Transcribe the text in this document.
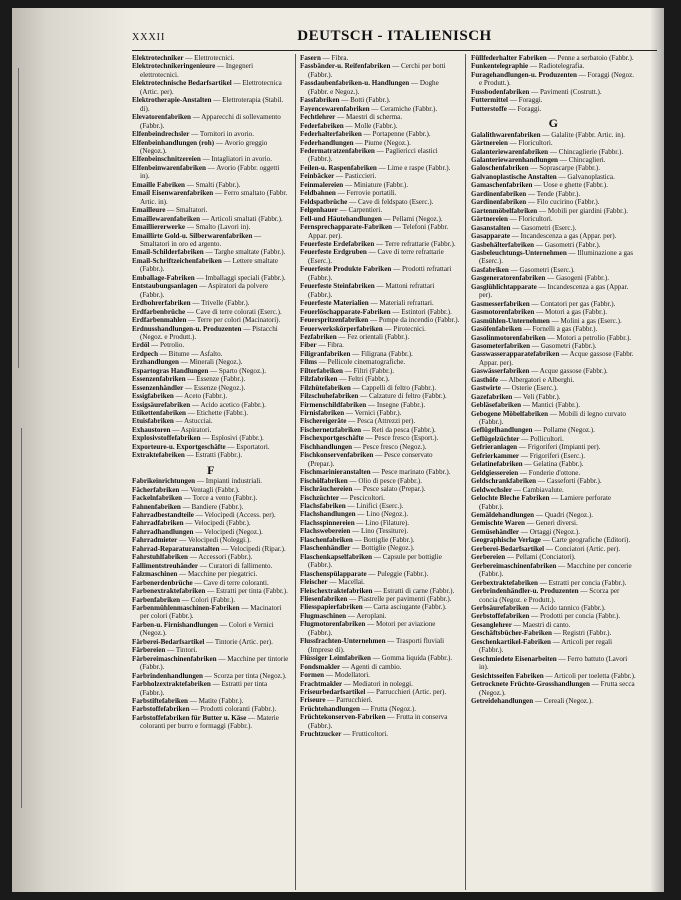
XXXII	DEUTSCH - ITALIENISCH

Elektrotechniker — Elettrotecnici.

Elektrotechnikeringenieure — Ingegneri elettrotecnici.

Elektrotechnische Bedarfsartikel — Elettrotecnica (Artic. per).

Elektrotherapie-Anstalten — Elettroterapia (Stabil. di).

Elevatorenfabriken — Apparecchi di sollevamento (Fabbr.).

Elfenbeindrechsler — Tornitori in avorio.

Elfenbeinhandlungen (roh) — Avorio greggio (Negoz.).

Elfenbeinschnitzereien — Intagliatori in avorio.

Elfenbeinwarenfabriken — Avorio (Fabbr. oggetti in).

Emaille Fabriken — Smalti (Fabbr.).

Email Eisenwarenfabriken — Ferro smaltato (Fabbr. Artic. in).

Emailleure — Smaltatori.

Emaillewarenfabriken — Articoli smaltati (Fabbr.).

Emailliererwerke — Smalto (Lavori in).

Emaillirte Gold-u. Silberwarenfabriken — Smaltatori in oro ed argento.

Email-Schilderfabriken — Targhe smaltate (Fabbr.).

Email-Schriftzeichenfabriken — Lettere smaltate (Fabbr.).

Emballage-Fabriken — Imballaggi speciali (Fabbr.).

Entstaubungsanlagen — Aspiratori da polvere (Fabbr.).

Erdbohrerfabriken — Trivelle (Fabbr.).

Erdfarbenbrüche — Cave di terre colorati (Eserc.).

Erdfarbenmahlen — Terre per colori (Macinatori).

Erdnusshandlungen-u. Produzenten — Pistacchi (Negoz. e Produtt.).

Erdöl — Petrolio.

Erdpech — Bitume — Asfalto.

Erzhandlungen — Minerali (Negoz.).

Espartogras Handlungen — Sparto (Negoz.).

Essenzenfabriken — Essenze (Fabbr.).

Essenzenhändler — Essenze (Negoz.).

Essigfabriken — Aceto (Fabbr.).

Essigsäurefabriken — Acido acetico (Fabbr.).

Etikettenfabriken — Etichette (Fabbr.).

Etuisfabriken — Astucciai.

Exhaustoren — Aspiratori.

Explosivstoffefabriken — Esplosivi (Fabbr.).

Exporteure-u. Exportgeschäfte — Esportatori.

Extraktefabriken — Estratti (Fabbr.).

F

Fabrikeinrichtungen — Impianti industriali.

Fächerfabriken — Ventagli (Fabbr.).

Fackelnfabriken — Torce a vento (Fabbr.).

Fahnenfabriken — Bandiere (Fabbr.).

Fahrradbestandteile — Velocipedi (Access. per).

Fahrradfabriken — Velocipedi (Fabbr.).

Fahrradhandlungen — Velocipedi (Negoz.).

Fahrradmieter — Velocipedi (Noleggi.).

Fahrrad-Reparaturanstalten — Velocipedi (Ripar.).

Fahrstuhlfabriken — Accessori (Fabbr.).

Fallimentstreuhänder — Curatori di fallimento.

Falzmaschinen — Macchine per piegatrici.

Farbenerdenbrüche — Cave di terre coloranti.

Farbenextraktefabriken — Estratti per tinta (Fabbr.).

Farbenfabriken — Colori (Fabbr.).

Farbenmühlenmaschinen-Fabriken — Macinatori per colori (Fabbr.).

Farben-u. Firnishandlungen — Colori e Vernici (Negoz.).

Färberei-Bedarfsartikel — Tintorie (Artic. per).

Färbereien — Tintori.

Färbereimaschinenfabriken — Macchine per tintorie (Fabbr.).

Farbrindenhandlungen — Scorza per tinta (Negoz.).

Farbholzextraktefabriken — Estratti per tinta (Fabbr.).

Farbstiftefabriken — Matite (Fabbr.).

Farbstoffefabriken — Prodotti coloranti (Fabbr.).

Farbstoffefabriken für Butter u. Käse — Materie coloranti per burro e formaggi (Fabbr.).

Fasern — Fibra.

Fassbänder-u. Reifenfabriken — Cerchi per botti (Fabbr.).

Fassdaubenfabriken-u. Handlungen — Doghe (Fabbr. e Negoz.).

Fassfabriken — Botti (Fabbr.).

Fayencewarenfabriken — Ceramiche (Fabbr.).

Fechtlehrer — Maestri di scherma.

Federfabriken — Molle (Fabbr.).

Federhalterfabriken — Portapenne (Fabbr.).

Federhandlungen — Piume (Negoz.).

Federmatratzenfabriken — Pagliericci elastici (Fabbr.).

Feilen-u. Raspenfabriken — Lime e raspe (Fabbr.).

Feinbäcker — Pasticcieri.

Feinmalereien — Miniature (Fabbr.).

Feldbahnen — Ferrovie portatili.

Feldspatbrüche — Cave di feldspato (Eserc.).

Felgenhauer — Carpentieri.

Fell-und Häutehandlungen — Pellami (Negoz.).

Fernsprechapparate-Fabriken — Telefoni (Fabbr. Appar. per).

Feuerfeste Erdefabriken — Terre refrattarie (Fabbr.).

Feuerfeste Erdgruben — Cave di terre refrattarie (Eserc.).

Feuerfeste Produkte Fabriken — Prodotti refrattari (Fabbr.).

Feuerfeste Steinfabriken — Mattoni refrattari (Fabbr.).

Feuerfeste Materialien — Materiali refrattari.

Feuerlöschapparate-Fabriken — Estintori (Fabbr.).

Feuerspritzenfabriken — Pompe da incendio (Fabbr.).

Feuerwerkskörperfabriken — Pirotecnici.

Fezfabriken — Fez orientali (Fabbr.).

Fiber — Fibra.

Filigranfabriken — Filigrana (Fabbr.).

Films — Pellicole cinematografiche.

Filterfabriken — Filtri (Fabbr.).

Filzfabriken — Feltri (Fabbr.).

Filzhütefabriken — Cappelli di feltro (Fabbr.).

Filzschuhefabriken — Calzature di feltro (Fabbr.).

Firmenschildfabriken — Insegne (Fabbr.).

Firnisfabriken — Vernici (Fabbr.).

Fischereigeräte — Pesca (Attrezzi per).

Fischernetzfabriken — Reti da pesca (Fabbr.).

Fischexportgeschäfte — Pesce fresco (Esport.).

Fischhandlungen — Pesce fresco (Negoz.).

Fischkonservenfabriken — Pesce conservato (Prepar.).

Fischmarinieranstalten — Pesce marinato (Fabbr.).

Fischölfabriken — Olio di pesce (Fabbr.).

Fischräuchereien — Pesce salato (Prepar.).

Fischzüchter — Pescicoltori.

Flachsfabriken — Linifici (Eserc.).

Flachshandlungen — Lino (Negoz.).

Flachsspinnereien — Lino (Filature).

Flachswebereien — Lino (Tessiture).

Flaschenfabriken — Bottiglie (Fabbr.).

Flaschenhändler — Bottiglie (Negoz.).

Flaschenkapselfabriken — Capsule per bottiglie (Fabbr.).

Flaschenspülapparate — Puleggie (Fabbr.).

Fleischer — Macellai.

Fleischextraktefabriken — Estratti di carne (Fabbr.).

Fliesenfabriken — Piastrelle per pavimenti (Fabbr.).

Fliesspapierfabriken — Carta asciugante (Fabbr.).

Flugmaschinen — Aeroplani.

Flugmotorenfabriken — Motori per aviazione (Fabbr.).

Flussfrachten-Unternehmen — Trasporti fluviali (Imprese di).

Flüssiger Leimfabriken — Gomma liquida (Fabbr.).

Fondsmakler — Agenti di cambio.

Formen — Modellatori.

Frachtmakler — Mediatori in noleggi.

Friseurbedarfsartikel — Parrucchieri (Artic. per).

Friseure — Parrucchieri.

Früchtehandlungen — Frutta (Negoz.).

Früchtekonserven-Fabriken — Frutta in conserva (Fabbr.).

Fruchtzucker — Frutticoltori.

Füllfederhalter Fabriken — Penne a serbatoio (Fabbr.).

Funkentelegraphie — Radiotelegrafia.

Furagehandlungen-u. Produzenten — Foraggi (Negoz. e Produtt.).

Fussbodenfabriken — Pavimenti (Costrutt.).

Futtermittel — Foraggi.

Futterstoffe — Foraggi.

G

Galalithwarenfabriken — Galalite (Fabbr. Artic. in).

Gärtnereien — Floricultori.

Galanteriewarenfabriken — Chincaglierie (Fabbr.).

Galanteriewarenhandlungen — Chincaglieri.

Galoschenfabriken — Soprascarpe (Fabbr.).

Galvanoplastische Anstalten — Galvanoplastica.

Gamaschenfabriken — Uose e ghette (Fabbr.).

Gardinenfabriken — Tende (Fabbr.).

Gardinenfabriken — Filo cucirino (Fabbr.).

Gartenmöbelfabriken — Mobili per giardini (Fabbr.).

Gärtnereien — Floricultori.

Gasanstalten — Gasometri (Eserc.).

Gasapparate — Incandescenza a gas (Appar. per).

Gasbehälterfabriken — Gasometri (Fabbr.).

Gasbeleuchtungs-Unternehmen — Illuminazione a gas (Eserc.).

Gasfabriken — Gasometri (Eserc.).

Gasgeneratorenfabriken — Gasogeni (Fabbr.).

Gasglühlichtapparate — Incandescenza a gas (Appar. per).

Gasmesserfabriken — Contatori per gas (Fabbr.).

Gasmotorenfabriken — Motori a gas (Fabbr.).

Gasmühlen-Unternehmen — Molini a gas (Eserc.).

Gasöfenfabriken — Fornelli a gas (Fabbr.).

Gasolinmotorenfabriken — Motori a petrolio (Fabbr.).

Gasometerfabriken — Gasometri (Fabbr.).

Gasswasserapparatefabriken — Acque gassose (Fabbr. Appar. per).

Gaswässerfabriken — Acque gassose (Fabbr.).

Gasthöfe — Albergatori e Alberghi.

Gastwirte — Osterie (Eserc.).

Gazefabriken — Veli (Fabbr.).

Gebläsefabriken — Mantici (Fabbr.).

Gebogene Möbelfabriken — Mobili di legno curvato (Fabbr.).

Geflügelhandlungen — Pollame (Negoz.).

Geflügelzüchter — Pollicultori.

Gefrieranlagen — Frigoriferi (Impianti per).

Gefrierkammer — Frigoriferi (Eserc.).

Gelatinefabriken — Gelatina (Fabbr.).

Geldgiessereien — Fonderie d'ottone.

Geldschrankfabriken — Casseforti (Fabbr.).

Geldwechsler — Cambiavalute.

Gelochte Bleche Fabriken — Lamiere perforate (Fabbr.).

Gemäldehandlungen — Quadri (Negoz.).

Gemischte Waren — Generi diversi.

Gemüsehändler — Ortaggi (Negoz.).

Geographische Verlage — Carte geografiche (Editori).

Gerberei-Bedarfsartikel — Conciatori (Artic. per).

Gerbereien — Pellami (Conciatori).

Gerbereimaschinenfabriken — Macchine per concerie (Fabbr.).

Gerbextraktefabriken — Estratti per concia (Fabbr.).

Gerbrindenhändler-u. Produzenten — Scorza per concia (Negoz. e Produtt.).

Gerbsäurefabriken — Acido tannico (Fabbr.).

Gerbstoffefabriken — Prodotti per concia (Fabbr.).

Gesanglehrer — Maestri di canto.

Geschäftsbücher-Fabriken — Registri (Fabbr.).

Geschenkartikel-Fabriken — Articoli per regali (Fabbr.).

Geschmiedete Eisenarbeiten — Ferro battuto (Lavori in).

Gesichtsseifen Fabriken — Articoli per toeletta (Fabbr.).

Getrocknete Früchte-Grosshandlungen — Frutta secca (Negoz.).

Getreidehandlungen — Cereali (Negoz.).
